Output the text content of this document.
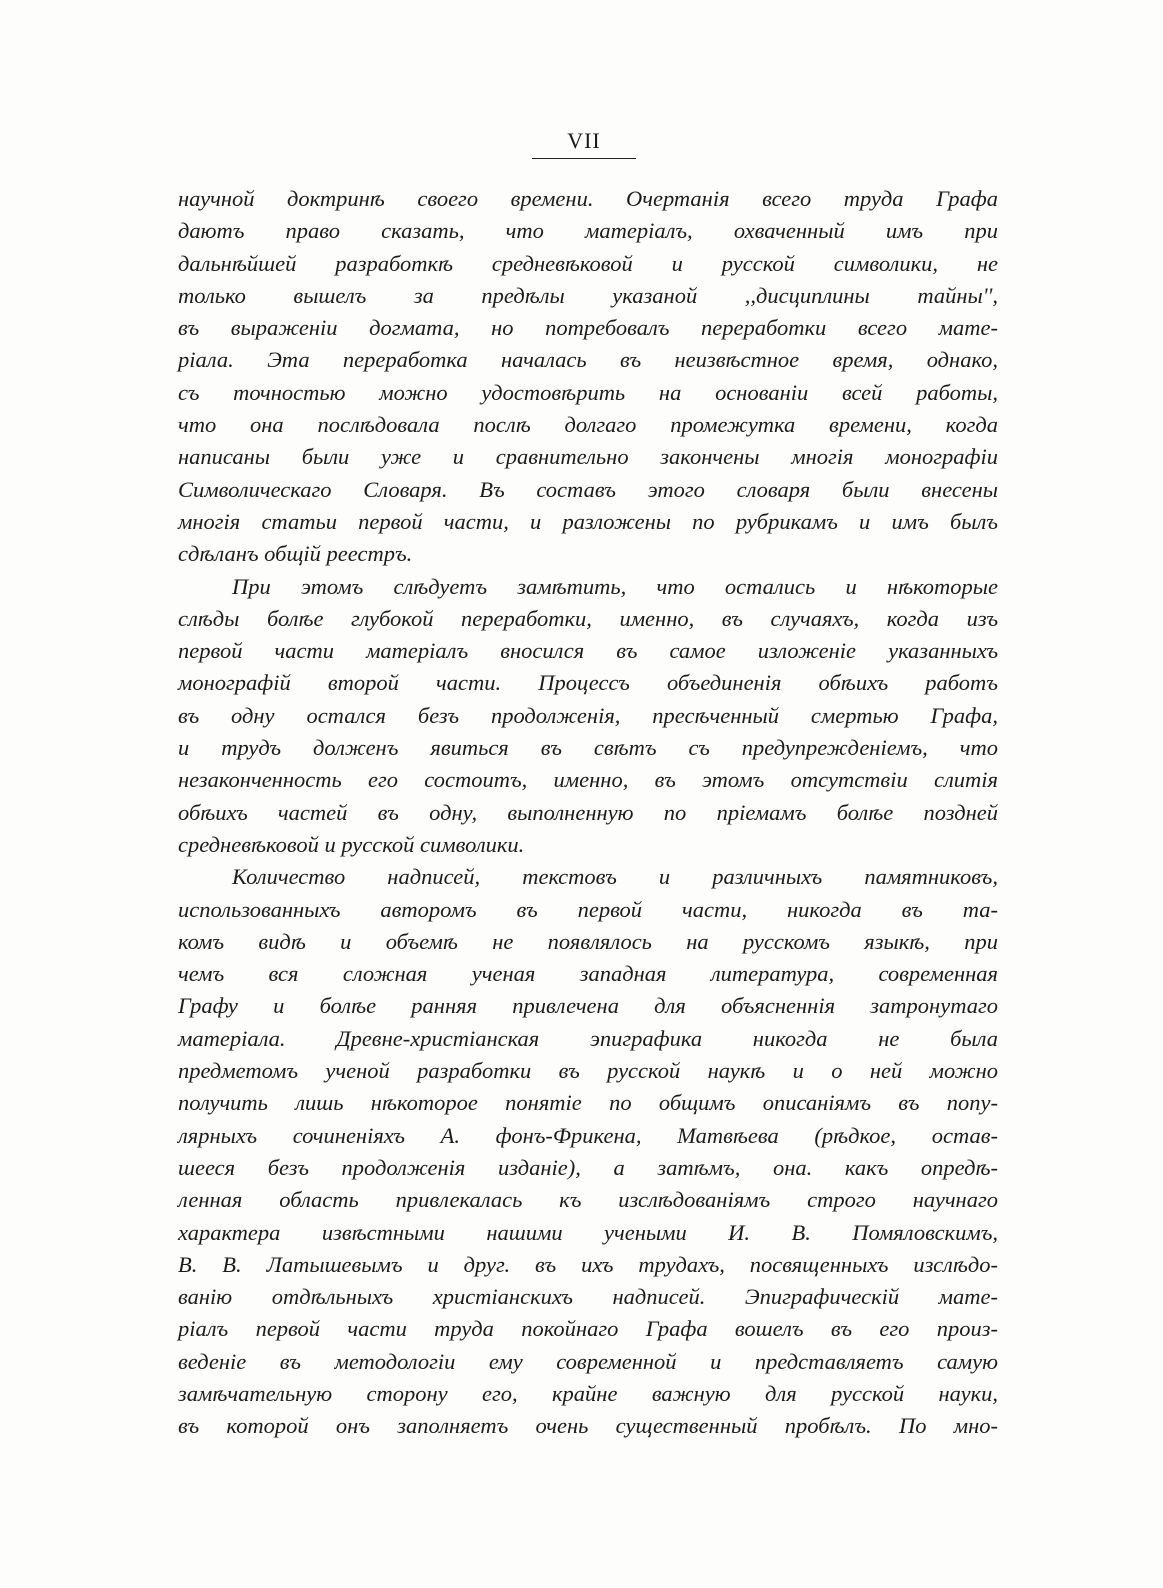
VII
научной доктринѣ своего времени. Очертанія всего труда Графа
даютъ право сказать, что матеріалъ, охваченный имъ при
дальнѣйшей разработкѣ средневѣковой и русской символики, не
только вышелъ за предѣлы указаной ,,дисциплины тайны'',
въ выраженіи догмата, но потребовалъ переработки всего мате-
ріала. Эта переработка началась въ неизвѣстное время, однако,
съ точностью можно удостовѣрить на основаніи всей работы,
что она послѣдовала послѣ долгаго промежутка времени, когда
написаны были уже и сравнительно закончены многія монографіи
Символическаго Словаря. Въ составъ этого словаря были внесены
многія статьи первой части, и разложены по рубрикамъ и имъ былъ
сдѣланъ общій реестръ.
При этомъ слѣдуетъ замѣтить, что остались и нѣкоторые
слѣды болѣе глубокой переработки, именно, въ случаяхъ, когда изъ
первой части матеріалъ вносился въ самое изложеніе указанныхъ
монографій второй части. Процессъ объединенія обѣихъ работъ
въ одну остался безъ продолженія, пресѣченный смертью Графа,
и трудъ долженъ явиться въ свѣтъ съ предупрежденіемъ, что
незаконченность его состоитъ, именно, въ этомъ отсутствіи слитія
обѣихъ частей въ одну, выполненную по пріемамъ болѣе поздней
средневѣковой и русской символики.
Количество надписей, текстовъ и различныхъ памятниковъ,
использованныхъ авторомъ въ первой части, никогда въ та-
комъ видѣ и объемѣ не появлялось на русскомъ языкѣ, при
чемъ вся сложная ученая западная литература, современная
Графу и болѣе ранняя привлечена для объясненнія затронутаго
матеріала. Древне-христіанская эпиграфика никогда не была
предметомъ ученой разработки въ русской наукѣ и о ней можно
получить лишь нѣкоторое понятіе по общимъ описаніямъ въ попу-
лярныхъ сочиненіяхъ А. фонъ-Фрикена, Матвѣева (рѣдкое, остав-
шееся безъ продолженія изданіе), а затѣмъ, она. какъ опредѣ-
ленная область привлекалась къ изслѣдованіямъ строго научнаго
характера извѣстными нашими учеными И. В. Помяловскимъ,
В. В. Латышевымъ и друг. въ ихъ трудахъ, посвященныхъ изслѣдо-
ванію отдѣльныхъ христіанскихъ надписей. Эпиграфическій мате-
ріалъ первой части труда покойнаго Графа вошелъ въ его произ-
веденіе въ методологіи ему современной и представляетъ самую
замѣчательную сторону его, крайне важную для русской науки,
въ которой онъ заполняетъ очень существенный пробѣлъ. По мно-
